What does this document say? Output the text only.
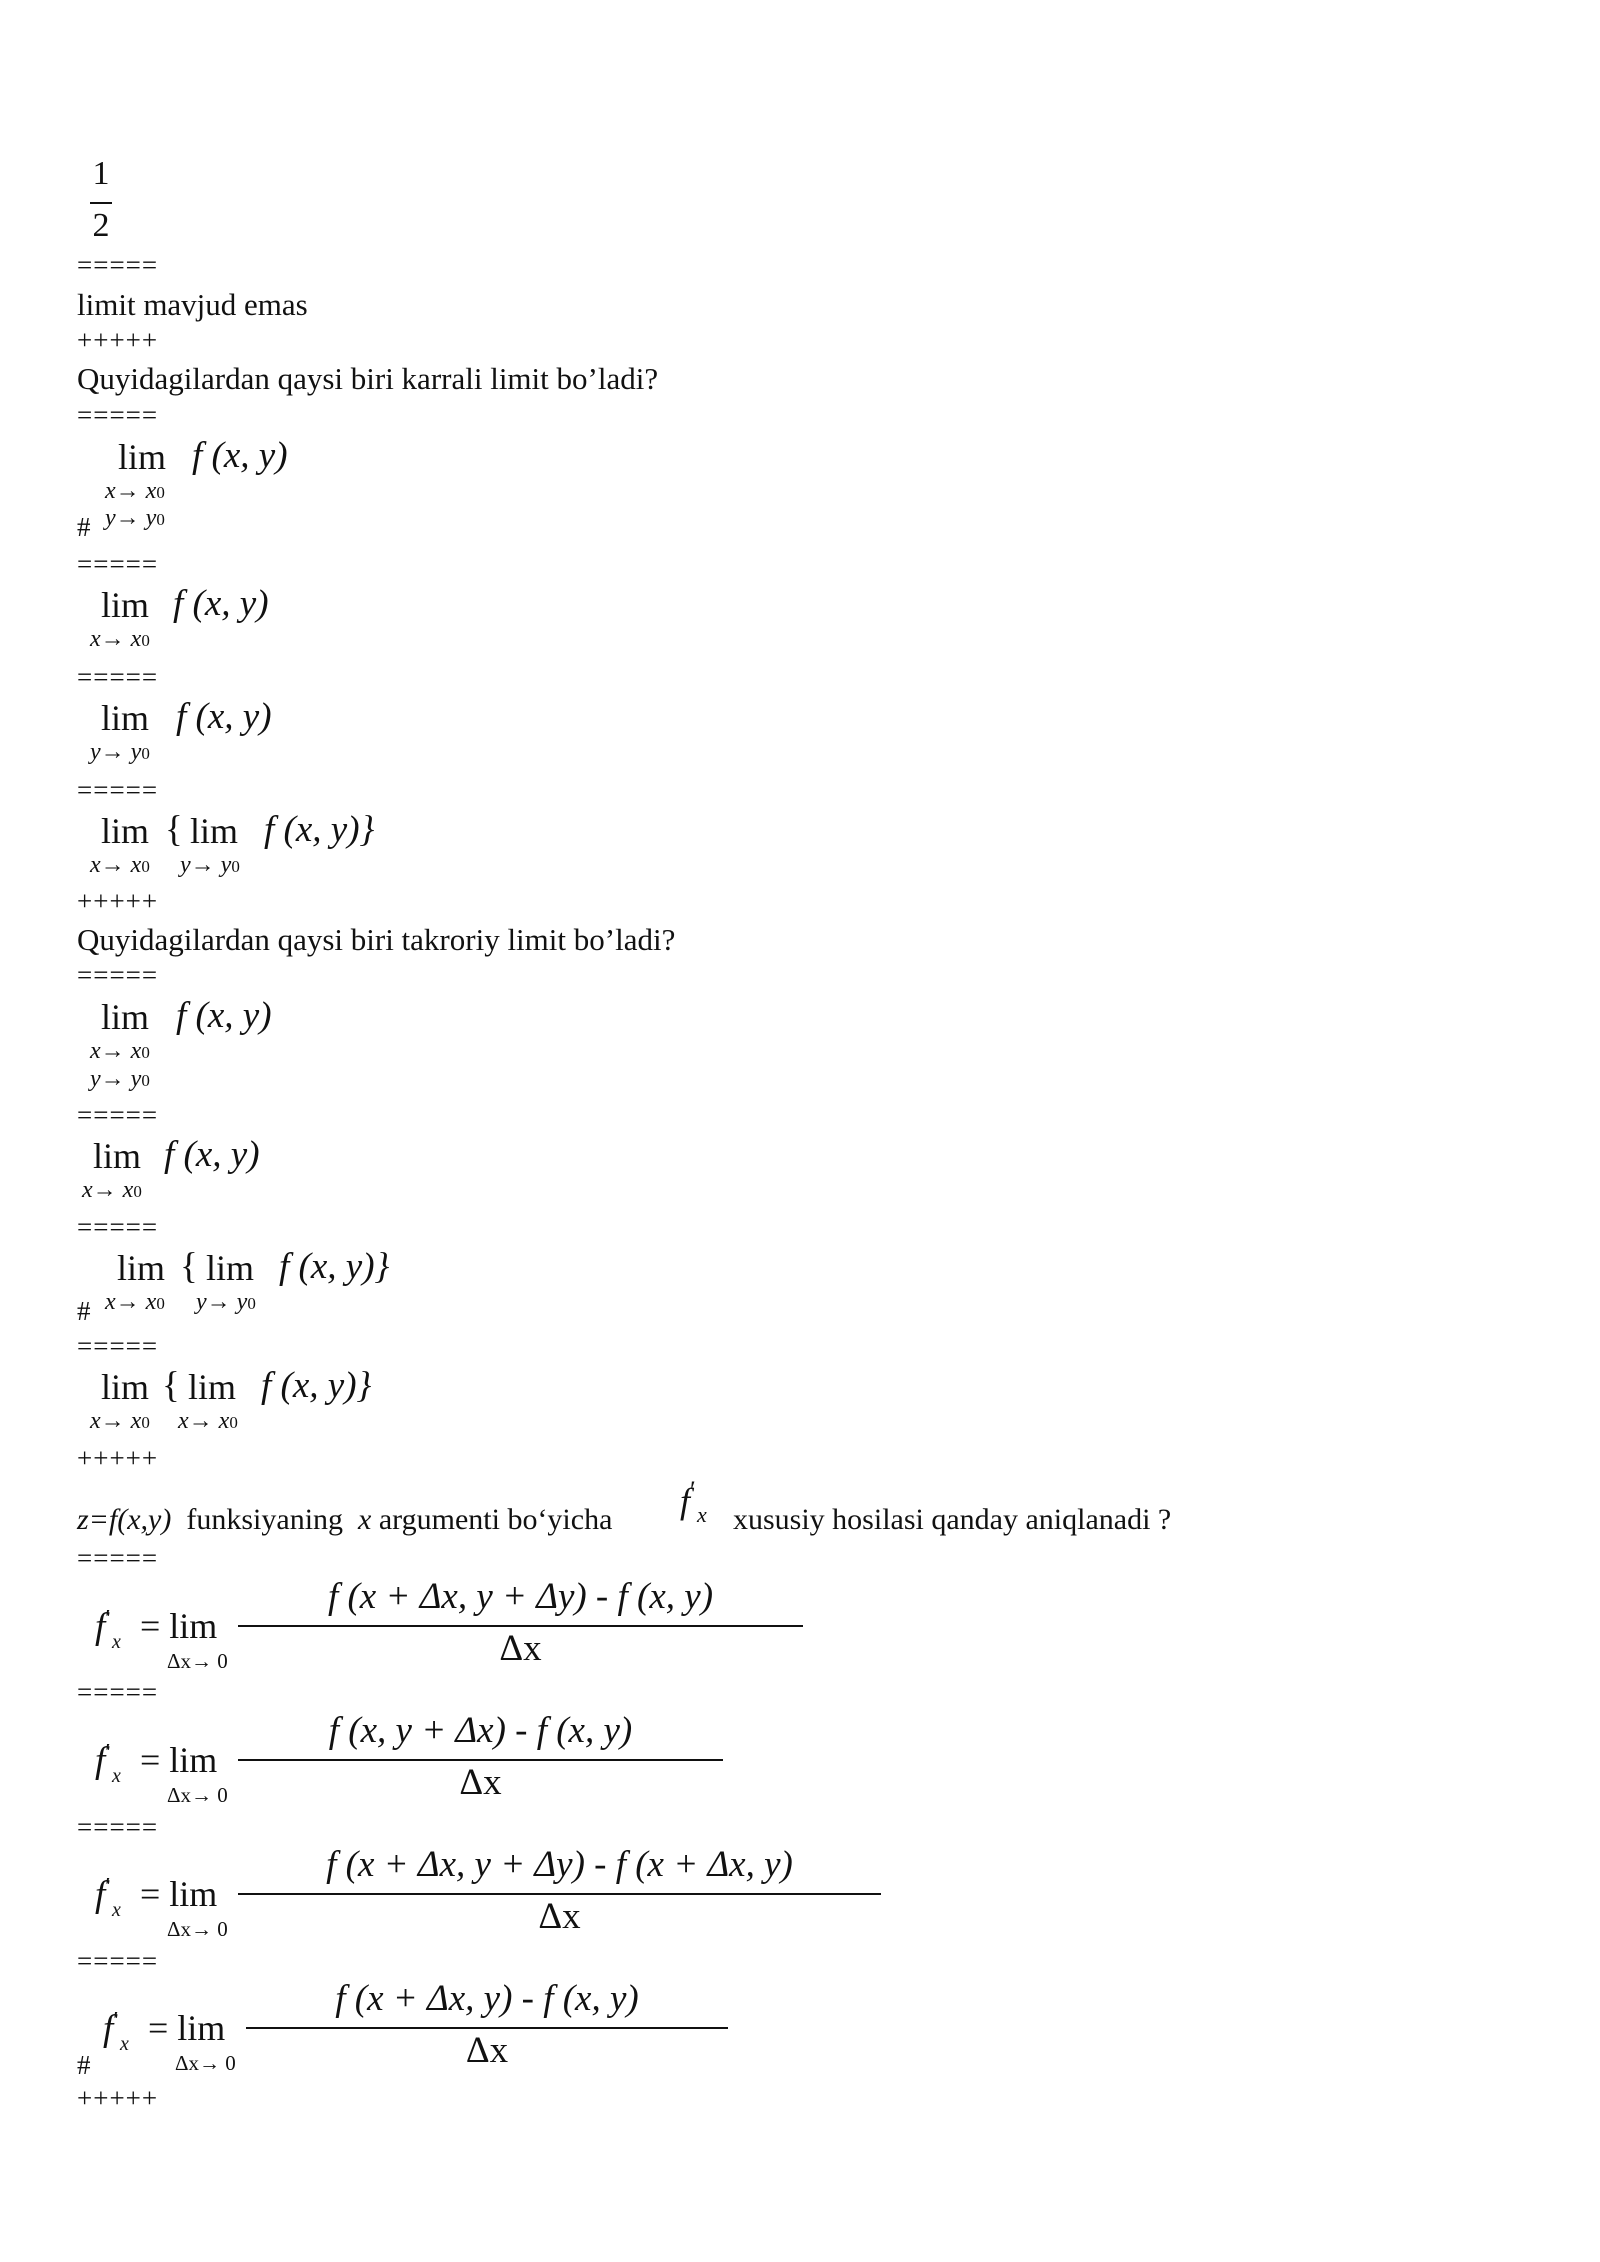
1
2
=====
limit mavjud emas
+++++
Quyidagilardan qaysi biri karrali limit bo’ladi?
=====
lim f (x, y)
x→ x0
y→ y0
#
=====
lim f (x, y)
x→ x0
=====
lim f (x, y)
y→ y0
=====
lim { lim f (x, y)}
x→ x0 y→ y0
+++++
Quyidagilardan qaysi biri takroriy limit bo’ladi?
=====
lim f (x, y)
x→ x0
y→ y0
=====
lim f (x, y)
x→ x0
=====
lim { lim f (x, y)}
x→ x0 y→ y0
#
=====
lim { lim f (x, y)}
x→ x0 x→ x0
+++++
z=f(x,y) funksiyaning x argumenti bo‘yicha f′
x xususiy hosilasi qanday aniqlanadi ?
=====
f′
x = lim
Δx→ 0
f (x + Δx, y + Δy) - f (x, y)
Δx
=====
f′
x = lim
Δx→ 0
f (x, y + Δx) - f (x, y)
Δx
=====
f′
x = lim
Δx→ 0
f (x + Δx, y + Δy) - f (x + Δx, y)
Δx
=====
f′
x = lim
Δx→ 0
f (x + Δx, y) - f (x, y)
Δx
#
+++++
